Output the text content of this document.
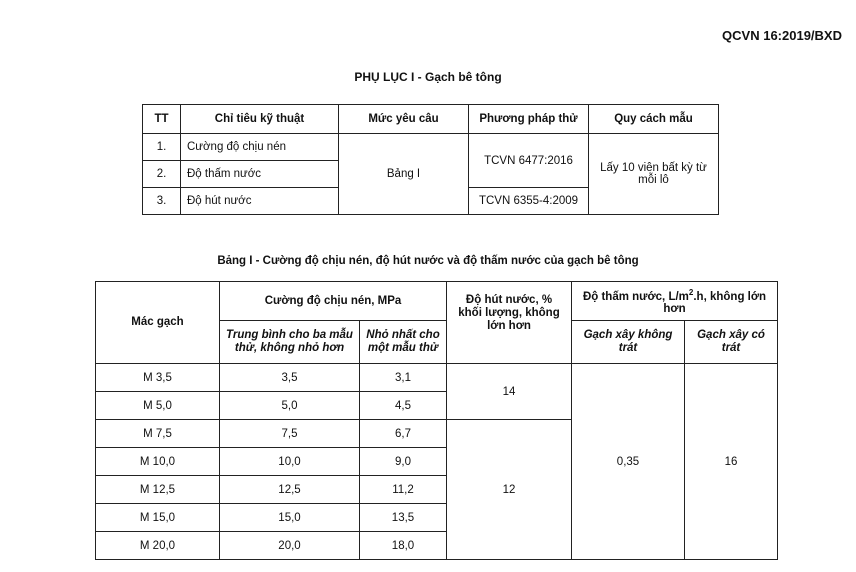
QCVN 16:2019/BXD
PHỤ LỤC I - Gạch bê tông
TT	Chỉ tiêu kỹ thuật	Mức yêu câu	Phương pháp thử	Quy cách mẫu
1.	Cường độ chịu nén	Bảng I	TCVN 6477:2016	Lấy 10 viên bất kỳ từ mỗi lô
2.	Độ thấm nước			
3.	Độ hút nước		TCVN 6355-4:2009	
Bảng I - Cường độ chịu nén, độ hút nước và độ thấm nước của gạch bê tông
Mác gạch	Cường độ chịu nén, MPa		Độ hút nước, % khối lượng, không lớn hơn	Độ thấm nước, $L/m^2.h$, không lớn hơn	
	Trung bình cho ba mẫu thử, không nhỏ hơn	Nhỏ nhất cho một mẫu thử		Gạch xây không trát	Gạch xây có trát
M 3,5	3,5	3,1	14	0,35	16
M 5,0	5,0	4,5			
M 7,5	7,5	6,7	12		
M 10,0	10,0	9,0			
M 12,5	12,5	11,2			
M 15,0	15,0	13,5			
M 20,0	20,0	18,0			
